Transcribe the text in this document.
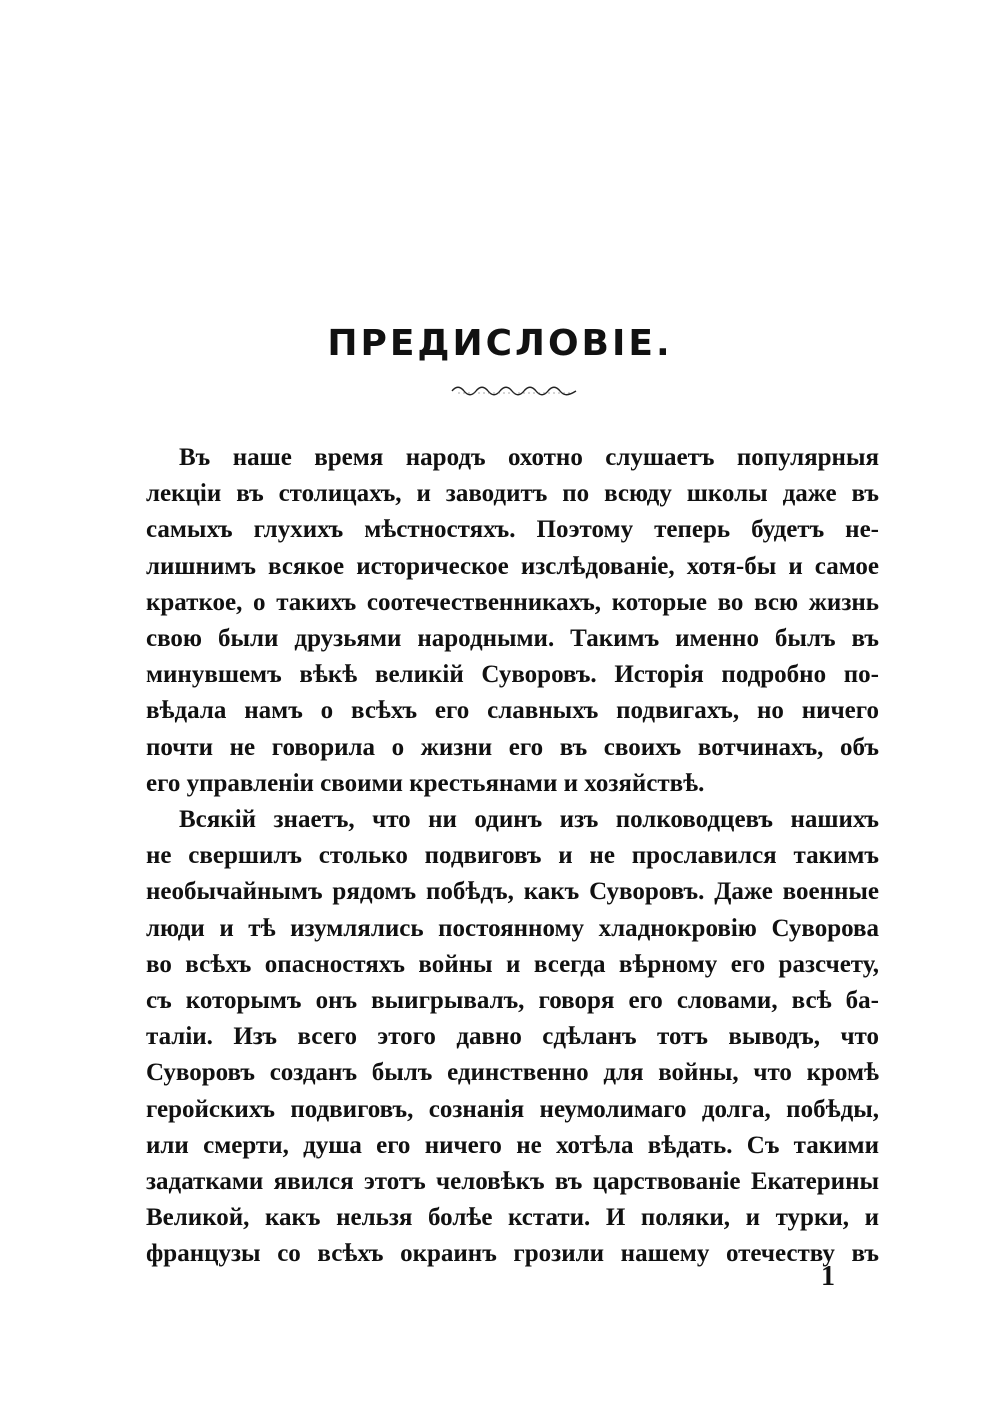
ПРЕДИСЛОВІЕ.

Въ наше время народъ охотно слушаетъ популярныя
лекціи въ столицахъ, и заводитъ по всюду школы даже въ
самыхъ глухихъ мѣстностяхъ. Поэтому теперь будетъ не-
лишнимъ всякое историческое изслѣдованіе, хотя-бы и самое
краткое, о такихъ соотечественникахъ, которые во всю жизнь
свою были друзьями народными. Такимъ именно былъ въ
минувшемъ вѣкѣ великій Суворовъ. Исторія подробно по-
вѣдала намъ о всѣхъ его славныхъ подвигахъ, но ничего
почти не говорила о жизни его въ своихъ вотчинахъ, объ
его управленіи своими крестьянами и хозяйствѣ.

Всякій знаетъ, что ни одинъ изъ полководцевъ нашихъ
не свершилъ столько подвиговъ и не прославился такимъ
необычайнымъ рядомъ побѣдъ, какъ Суворовъ. Даже военные
люди и тѣ изумлялись постоянному хладнокровію Суворова
во всѣхъ опасностяхъ войны и всегда вѣрному его разсчету,
съ которымъ онъ выигрывалъ, говоря его словами, всѣ ба-
таліи. Изъ всего этого давно сдѣланъ тотъ выводъ, что
Суворовъ созданъ былъ единственно для войны, что кромѣ
геройскихъ подвиговъ, сознанія неумолимаго долга, побѣды,
или смерти, душа его ничего не хотѣла вѣдать. Съ такими
задатками явился этотъ человѣкъ въ царствованіе Екатерины
Великой, какъ нельзя болѣе кстати. И поляки, и турки, и
французы со всѣхъ окраинъ грозили нашему отечеству въ

1
